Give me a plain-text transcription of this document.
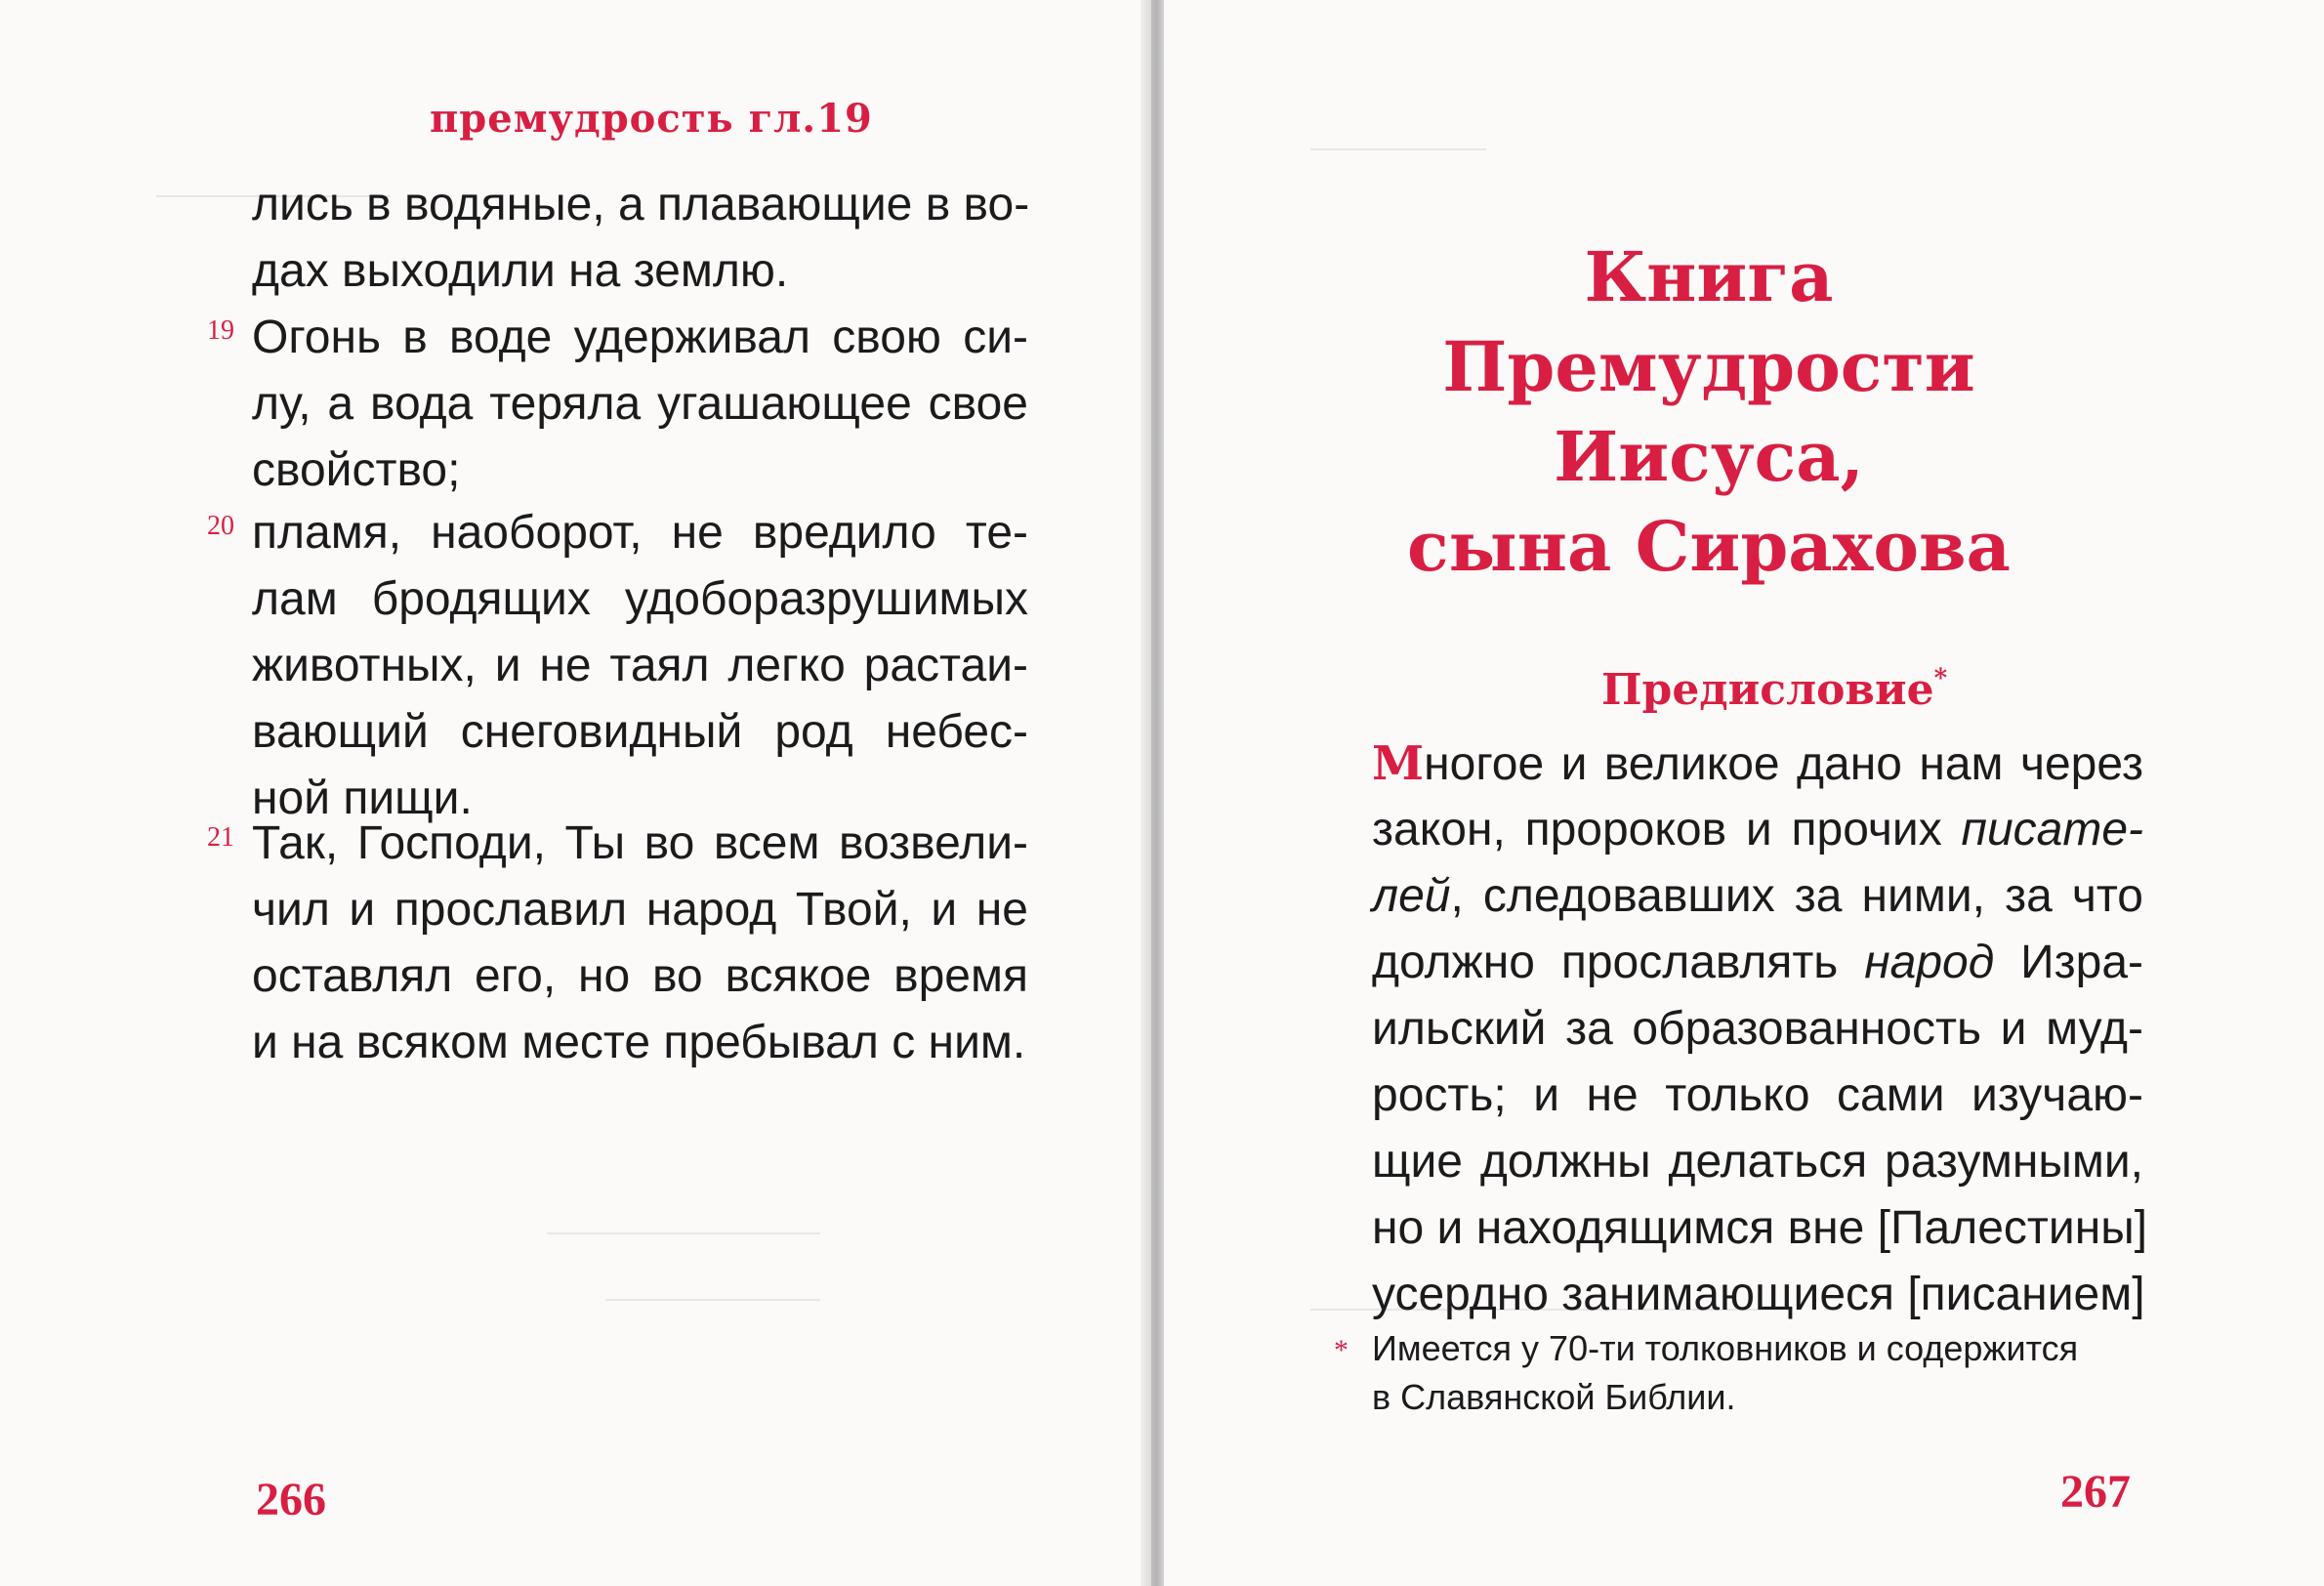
премудрость гл.19
лись в водяные, а плавающие в во-
дах выходили на землю.
19 Огонь в воде удерживал свою си-
лу, а вода теряла угашающее свое
свойство;
20 пламя, наоборот, не вредило те-
лам бродящих удоборазрушимых
животных, и не таял легко растаи-
вающий снеговидный род небес-
ной пищи.
21 Так, Господи, Ты во всем возвели-
чил и прославил народ Твой, и не
оставлял его, но во всякое время
и на всяком месте пребывал с ним.
266
Книга
Премудрости Иисуса,
сына Сирахова
Предисловие*
Многое и великое дано нам через
закон, пророков и прочих писате-
лей, следовавших за ними, за что
должно прославлять народ Изра-
ильский за образованность и муд-
рость; и не только сами изучаю-
щие должны делаться разумными,
но и находящимся вне [Палестины]
усердно занимающиеся [писанием]
* Имеется у 70-ти толковников и содержится
в Славянской Библии.
267
